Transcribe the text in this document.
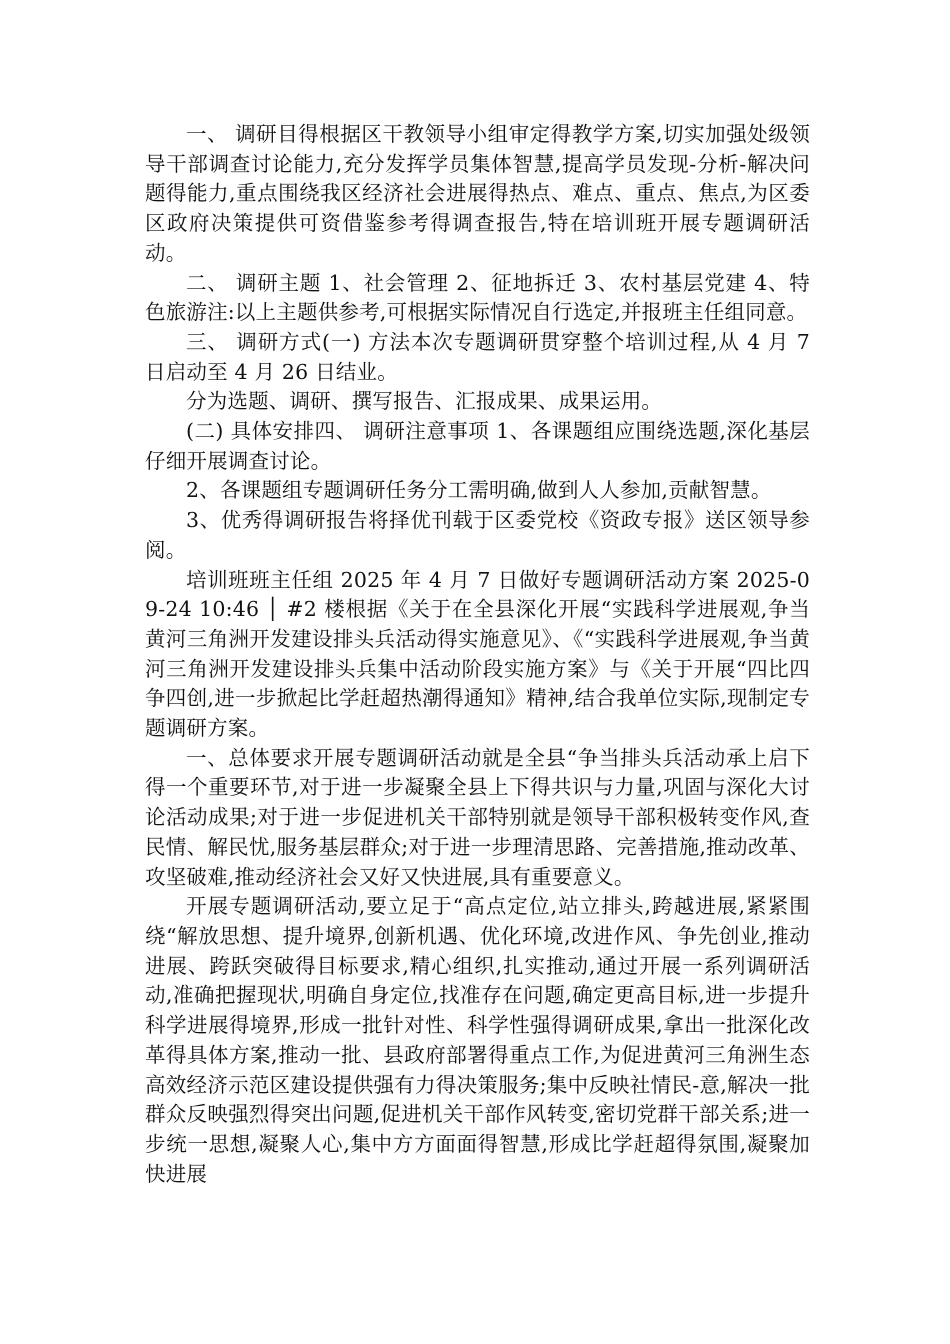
一、 调研目得根据区干教领导小组审定得教学方案,切实加强处级领导干部调查讨论能力,充分发挥学员集体智慧,提高学员发现-分析-解决问题得能力,重点围绕我区经济社会进展得热点、难点、重点、焦点,为区委区政府决策提供可资借鉴参考得调查报告,特在培训班开展专题调研活动。

二、 调研主题 1、社会管理 2、征地拆迁 3、农村基层党建 4、特色旅游注:以上主题供参考,可根据实际情况自行选定,并报班主任组同意。

三、 调研方式(一) 方法本次专题调研贯穿整个培训过程,从 4 月 7 日启动至 4 月 26 日结业。

分为选题、调研、撰写报告、汇报成果、成果运用。

(二) 具体安排四、 调研注意事项 1、各课题组应围绕选题,深化基层仔细开展调查讨论。

2、各课题组专题调研任务分工需明确,做到人人参加,贡献智慧。

3、优秀得调研报告将择优刊载于区委党校《资政专报》送区领导参阅。

培训班班主任组 2025 年 4 月 7 日做好专题调研活动方案 2025-09-24 10:46 │ #2 楼根据《关于在全县深化开展“实践科学进展观,争当黄河三角洲开发建设排头兵活动得实施意见》、《“实践科学进展观,争当黄河三角洲开发建设排头兵集中活动阶段实施方案》与《关于开展“四比四争四创,进一步掀起比学赶超热潮得通知》精神,结合我单位实际,现制定专题调研方案。

一、总体要求开展专题调研活动就是全县“争当排头兵活动承上启下得一个重要环节,对于进一步凝聚全县上下得共识与力量,巩固与深化大讨论活动成果;对于进一步促进机关干部特别就是领导干部积极转变作风,查民情、解民忧,服务基层群众;对于进一步理清思路、完善措施,推动改革、攻坚破难,推动经济社会又好又快进展,具有重要意义。

开展专题调研活动,要立足于“高点定位,站立排头,跨越进展,紧紧围绕“解放思想、提升境界,创新机遇、优化环境,改进作风、争先创业,推动进展、跨跃突破得目标要求,精心组织,扎实推动,通过开展一系列调研活动,准确把握现状,明确自身定位,找准存在问题,确定更高目标,进一步提升科学进展得境界,形成一批针对性、科学性强得调研成果,拿出一批深化改革得具体方案,推动一批、县政府部署得重点工作,为促进黄河三角洲生态高效经济示范区建设提供强有力得决策服务;集中反映社情民-意,解决一批群众反映强烈得突出问题,促进机关干部作风转变,密切党群干部关系;进一步统一思想,凝聚人心,集中方方面面得智慧,形成比学赶超得氛围,凝聚加快进展
